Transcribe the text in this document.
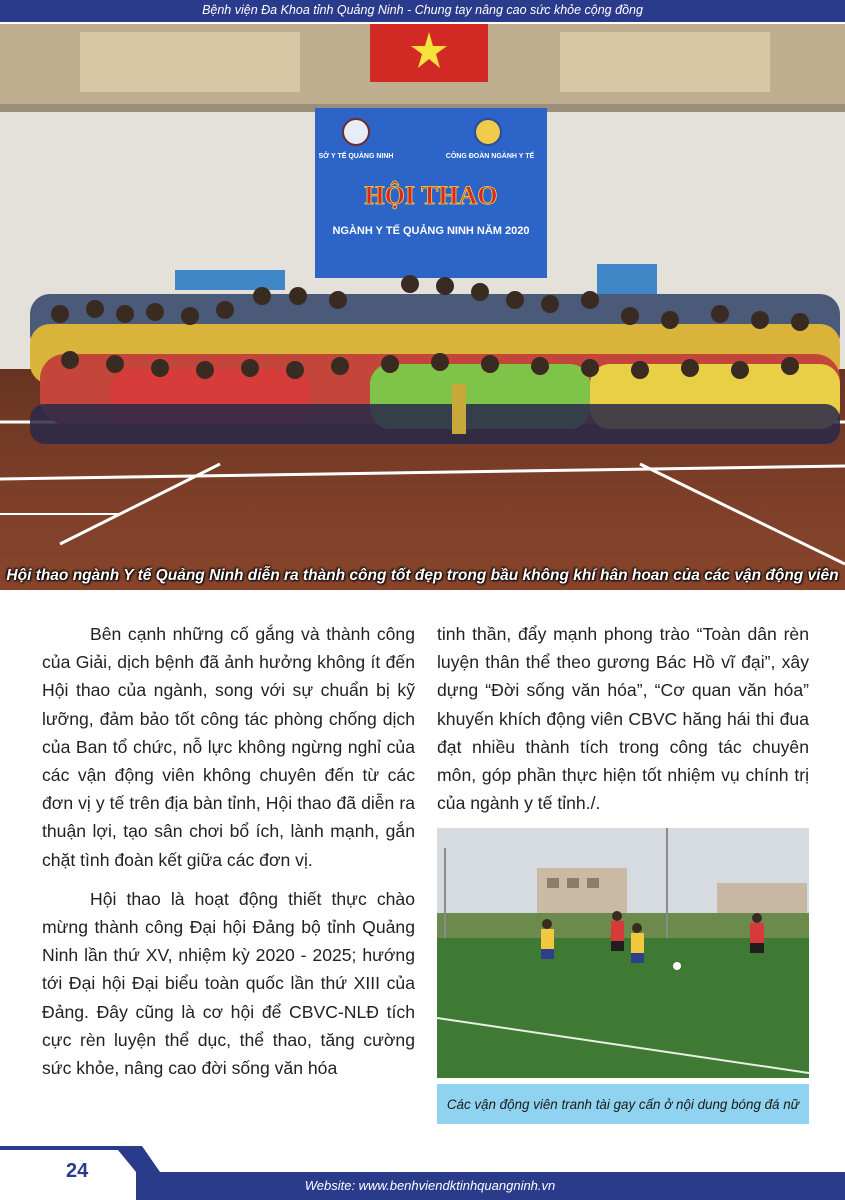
Bệnh viện Đa Khoa tỉnh Quảng Ninh - Chung tay nâng cao sức khỏe cộng đồng
SỞ Y TẾ QUẢNG NINH	CÔNG ĐOÀN NGÀNH Y TẾ
HỘI THAO
NGÀNH Y TẾ QUẢNG NINH NĂM 2020
Hội thao ngành Y tế Quảng Ninh diễn ra thành công tốt đẹp trong bầu không khí hân hoan của các vận động viên

Bên cạnh những cố gắng và thành công của Giải, dịch bệnh đã ảnh hưởng không ít đến Hội thao của ngành, song với sự chuẩn bị kỹ lưỡng, đảm bảo tốt công tác phòng chống dịch của Ban tổ chức, nỗ lực không ngừng nghỉ của các vận động viên không chuyên đến từ các đơn vị y tế trên địa bàn tỉnh, Hội thao đã diễn ra thuận lợi, tạo sân chơi bổ ích, lành mạnh, gắn chặt tình đoàn kết giữa các đơn vị.

Hội thao là hoạt động thiết thực chào mừng thành công Đại hội Đảng bộ tỉnh Quảng Ninh lần thứ XV, nhiệm kỳ 2020 - 2025; hướng tới Đại hội Đại biểu toàn quốc lần thứ XIII của Đảng. Đây cũng là cơ hội để CBVC-NLĐ tích cực rèn luyện thể dục, thể thao, tăng cường sức khỏe, nâng cao đời sống văn hóa

tinh thần, đẩy mạnh phong trào “Toàn dân rèn luyện thân thể theo gương Bác Hồ vĩ đại”, xây dựng “Đời sống văn hóa”, “Cơ quan văn hóa” khuyến khích động viên CBVC hăng hái thi đua đạt nhiều thành tích trong công tác chuyên môn, góp phần thực hiện tốt nhiệm vụ chính trị của ngành y tế tỉnh./.

Các vận động viên tranh tài gay cấn ở nội dung bóng đá nữ
24
Website: www.benhviendktinhquangninh.vn
